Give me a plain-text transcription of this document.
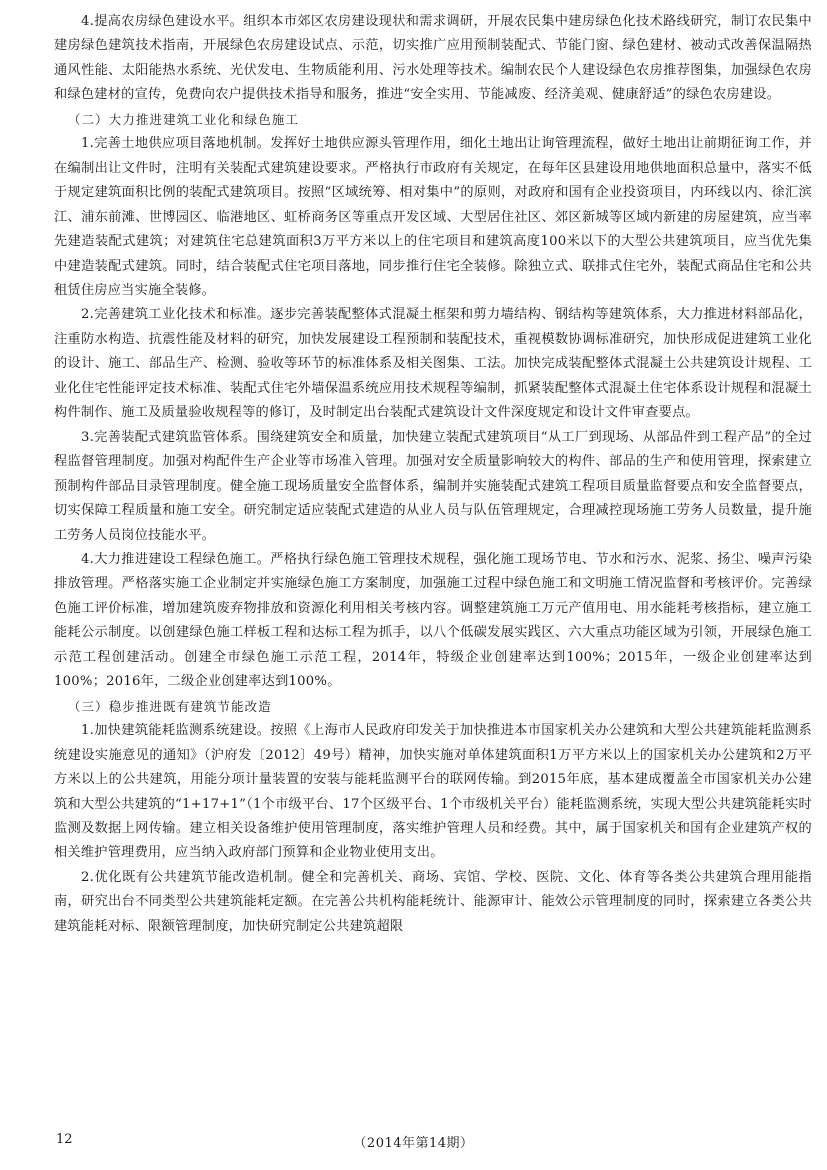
4.提高农房绿色建设水平。组织本市郊区农房建设现状和需求调研，开展农民集中建房绿色化技术路线研究，制订农民集中建房绿色建筑技术指南，开展绿色农房建设试点、示范，切实推广应用预制装配式、节能门窗、绿色建材、被动式改善保温隔热通风性能、太阳能热水系统、光伏发电、生物质能利用、污水处理等技术。编制农民个人建设绿色农房推荐图集，加强绿色农房和绿色建材的宣传，免费向农户提供技术指导和服务，推进“安全实用、节能减废、经济美观、健康舒适”的绿色农房建设。

（二）大力推进建筑工业化和绿色施工

1.完善土地供应项目落地机制。发挥好土地供应源头管理作用，细化土地出让询管理流程，做好土地出让前期征询工作，并在编制出让文件时，注明有关装配式建筑建设要求。严格执行市政府有关规定，在每年区县建设用地供地面积总量中，落实不低于规定建筑面积比例的装配式建筑项目。按照“区域统筹、相对集中”的原则，对政府和国有企业投资项目，内环线以内、徐汇滨江、浦东前滩、世博园区、临港地区、虹桥商务区等重点开发区域、大型居住社区、郊区新城等区域内新建的房屋建筑，应当率先建造装配式建筑；对建筑住宅总建筑面积3万平方米以上的住宅项目和建筑高度100米以下的大型公共建筑项目，应当优先集中建造装配式建筑。同时，结合装配式住宅项目落地，同步推行住宅全装修。除独立式、联排式住宅外，装配式商品住宅和公共租赁住房应当实施全装修。

2.完善建筑工业化技术和标准。逐步完善装配整体式混凝土框架和剪力墙结构、钢结构等建筑体系，大力推进材料部品化，注重防水构造、抗震性能及材料的研究，加快发展建设工程预制和装配技术，重视模数协调标准研究，加快形成促进建筑工业化的设计、施工、部品生产、检测、验收等环节的标准体系及相关图集、工法。加快完成装配整体式混凝土公共建筑设计规程、工业化住宅性能评定技术标准、装配式住宅外墙保温系统应用技术规程等编制，抓紧装配整体式混凝土住宅体系设计规程和混凝土构件制作、施工及质量验收规程等的修订，及时制定出台装配式建筑设计文件深度规定和设计文件审查要点。

3.完善装配式建筑监管体系。围绕建筑安全和质量，加快建立装配式建筑项目“从工厂到现场、从部品件到工程产品”的全过程监督管理制度。加强对构配件生产企业等市场准入管理。加强对安全质量影响较大的构件、部品的生产和使用管理，探索建立预制构件部品目录管理制度。健全施工现场质量安全监督体系，编制并实施装配式建筑工程项目质量监督要点和安全监督要点，切实保障工程质量和施工安全。研究制定适应装配式建造的从业人员与队伍管理规定，合理减控现场施工劳务人员数量，提升施工劳务人员岗位技能水平。

4.大力推进建设工程绿色施工。严格执行绿色施工管理技术规程，强化施工现场节电、节水和污水、泥浆、扬尘、噪声污染排放管理。严格落实施工企业制定并实施绿色施工方案制度，加强施工过程中绿色施工和文明施工情况监督和考核评价。完善绿色施工评价标准，增加建筑废弃物排放和资源化利用相关考核内容。调整建筑施工万元产值用电、用水能耗考核指标，建立施工能耗公示制度。以创建绿色施工样板工程和达标工程为抓手，以八个低碳发展实践区、六大重点功能区域为引领，开展绿色施工示范工程创建活动。创建全市绿色施工示范工程，2014年，特级企业创建率达到100%；2015年，一级企业创建率达到100%；2016年，二级企业创建率达到100%。

（三）稳步推进既有建筑节能改造

1.加快建筑能耗监测系统建设。按照《上海市人民政府印发关于加快推进本市国家机关办公建筑和大型公共建筑能耗监测系统建设实施意见的通知》（沪府发〔2012〕49号）精神，加快实施对单体建筑面积1万平方米以上的国家机关办公建筑和2万平方米以上的公共建筑，用能分项计量装置的安装与能耗监测平台的联网传输。到2015年底，基本建成覆盖全市国家机关办公建筑和大型公共建筑的“1+17+1”（1个市级平台、17个区级平台、1个市级机关平台）能耗监测系统，实现大型公共建筑能耗实时监测及数据上网传输。建立相关设备维护使用管理制度，落实维护管理人员和经费。其中，属于国家机关和国有企业建筑产权的相关维护管理费用，应当纳入政府部门预算和企业物业使用支出。

2.优化既有公共建筑节能改造机制。健全和完善机关、商场、宾馆、学校、医院、文化、体育等各类公共建筑合理用能指南，研究出台不同类型公共建筑能耗定额。在完善公共机构能耗统计、能源审计、能效公示管理制度的同时，探索建立各类公共建筑能耗对标、限额管理制度，加快研究制定公共建筑超限

12	（2014年第14期）
